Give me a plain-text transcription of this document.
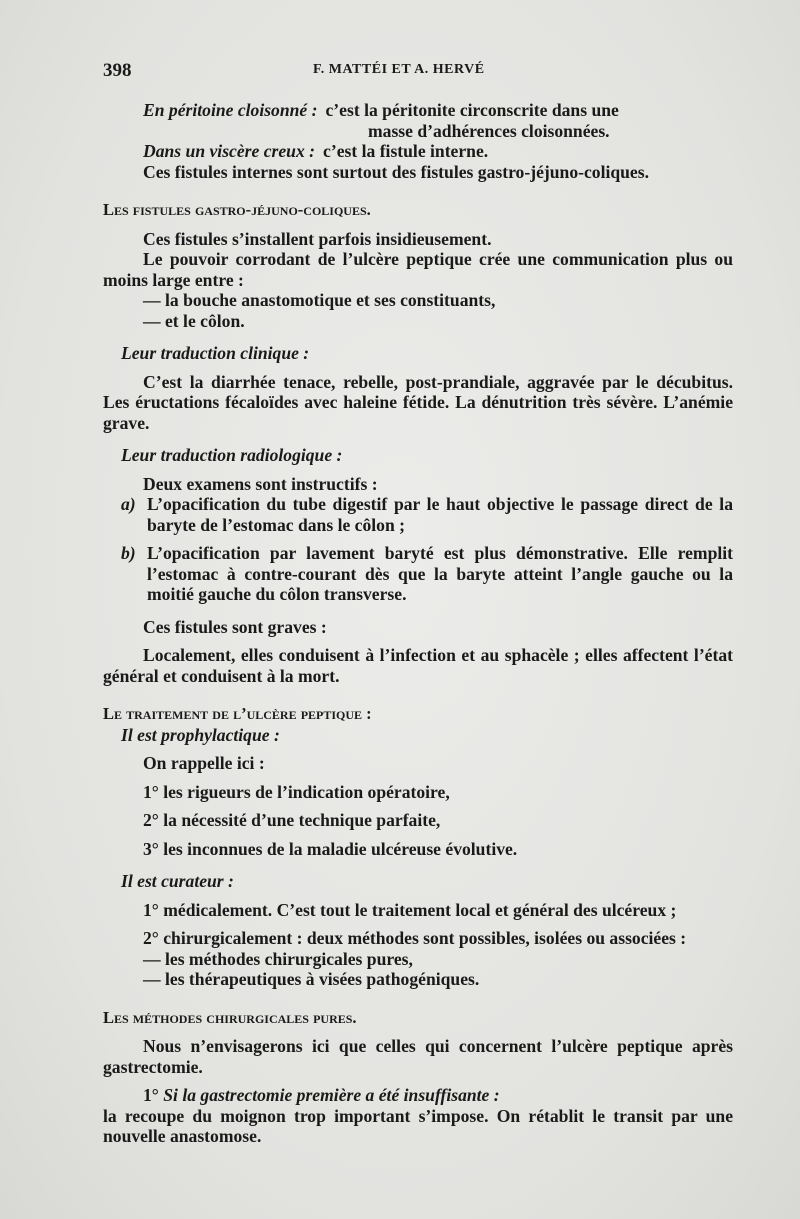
398	F. MATTÉI ET A. HERVÉ
En péritoine cloisonné : c’est la péritonite circonscrite dans une

masse d’adhérences cloisonnées.

Dans un viscère creux : c’est la fistule interne.

Ces fistules internes sont surtout des fistules gastro-jéjuno-coliques.

Les fistules gastro-jéjuno-coliques.

Ces fistules s’installent parfois insidieusement.

Le pouvoir corrodant de l’ulcère peptique crée une communication plus ou moins large entre :

— la bouche anastomotique et ses constituants,

— et le côlon.

Leur traduction clinique :

C’est la diarrhée tenace, rebelle, post-prandiale, aggravée par le décubitus. Les éructations fécaloïdes avec haleine fétide. La dénutrition très sévère. L’anémie grave.

Leur traduction radiologique :

Deux examens sont instructifs :

a) L’opacification du tube digestif par le haut objective le passage direct de la baryte de l’estomac dans le côlon ;
b) L’opacification par lavement baryté est plus démonstrative. Elle remplit l’estomac à contre-courant dès que la baryte atteint l’angle gauche ou la moitié gauche du côlon transverse.

Ces fistules sont graves :

Localement, elles conduisent à l’infection et au sphacèle ; elles affectent l’état général et conduisent à la mort.

Le traitement de l’ulcère peptique :

Il est prophylactique :

On rappelle ici :

1° les rigueurs de l’indication opératoire,

2° la nécessité d’une technique parfaite,

3° les inconnues de la maladie ulcéreuse évolutive.

Il est curateur :

1° médicalement. C’est tout le traitement local et général des ulcéreux ;

2° chirurgicalement : deux méthodes sont possibles, isolées ou associées :

— les méthodes chirurgicales pures,

— les thérapeutiques à visées pathogéniques.

Les méthodes chirurgicales pures.

Nous n’envisagerons ici que celles qui concernent l’ulcère peptique après gastrectomie.

1° Si la gastrectomie première a été insuffisante :

la recoupe du moignon trop important s’impose. On rétablit le transit par une nouvelle anastomose.
